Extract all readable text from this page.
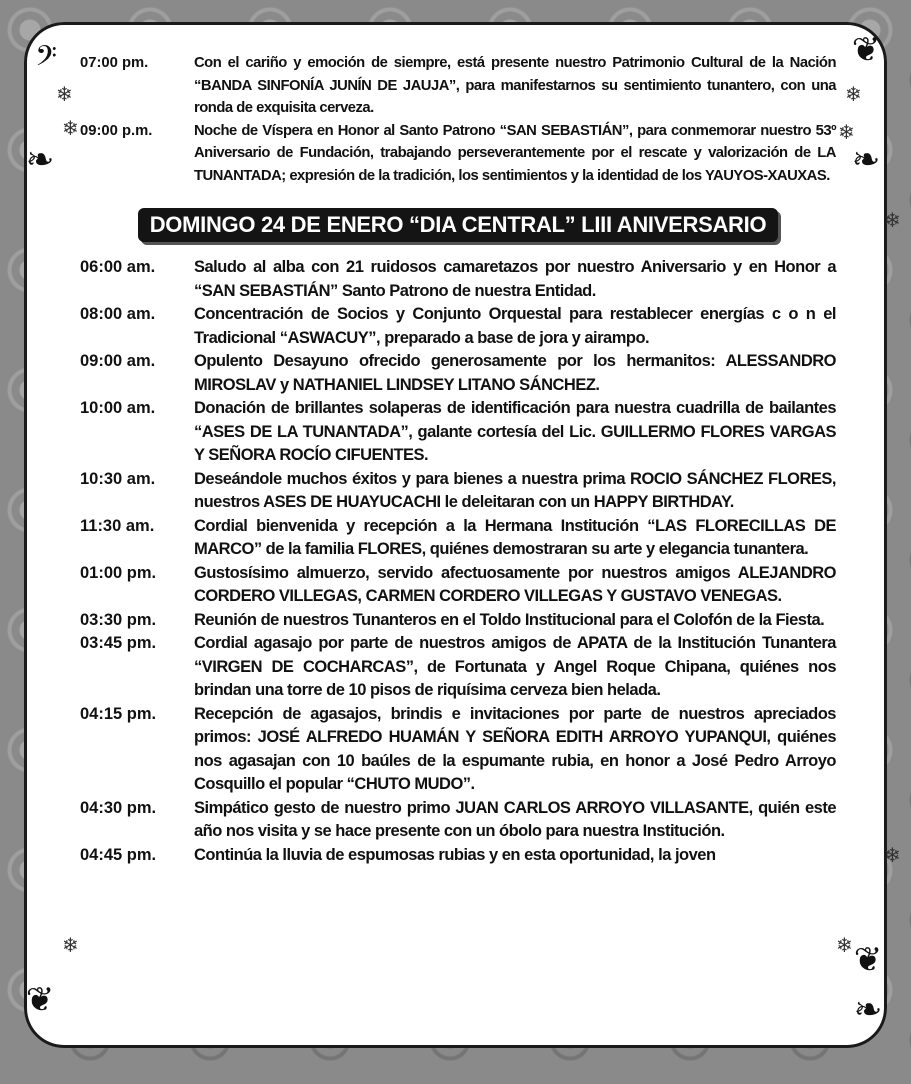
𝄢
❧	❧
❦
❦	❧
❦
❄
❄	❄
❄
❄
❄
❄	❄
07:00 pm.	Con el cariño y emoción de siempre, está presente nuestro Patrimonio Cultural de la Nación “BANDA SINFONÍA JUNÍN DE JAUJA”, para manifestarnos su sentimiento tunantero, con una ronda de exquisita cerveza.
09:00 p.m.	Noche de Víspera en Honor al Santo Patrono “SAN SEBASTIÁN”, para conmemorar nuestro 53º Aniversario de Fundación, trabajando perseverantemente por el rescate y valorización de LA TUNANTADA; expresión de la tradición, los sentimientos y la identidad de los YAUYOS-XAUXAS.
DOMINGO 24 DE ENERO “DIA CENTRAL” LIII ANIVERSARIO
06:00 am.	Saludo al alba con 21 ruidosos camaretazos por nuestro Aniversario y en Honor a “SAN SEBASTIÁN” Santo Patrono de nuestra Entidad.
08:00 am.	Concentración de Socios y Conjunto Orquestal para restablecer energías c o n el Tradicional “ASWACUY”, preparado a base de jora y airampo.
09:00 am.	Opulento Desayuno ofrecido generosamente por los hermanitos: ALESSANDRO MIROSLAV y NATHANIEL LINDSEY LITANO SÁNCHEZ.
10:00 am.	Donación de brillantes solaperas de identificación para nuestra cuadrilla de bailantes “ASES DE LA TUNANTADA”, galante cortesía del Lic. GUILLERMO FLORES VARGAS Y SEÑORA ROCÍO CIFUENTES.
10:30 am.	Deseándole muchos éxitos y para bienes a nuestra prima ROCIO SÁNCHEZ FLORES, nuestros ASES DE HUAYUCACHI le deleitaran con un HAPPY BIRTHDAY.
11:30 am.	Cordial bienvenida y recepción a la Hermana Institución “LAS FLORECILLAS DE MARCO” de la familia FLORES, quiénes demostraran su arte y elegancia tunantera.
01:00 pm.	Gustosísimo almuerzo, servido afectuosamente por nuestros amigos ALEJANDRO CORDERO VILLEGAS, CARMEN CORDERO VILLEGAS Y GUSTAVO VENEGAS.
03:30 pm.	Reunión de nuestros Tunanteros en el Toldo Institucional para el Colofón de la Fiesta.
03:45 pm.	Cordial agasajo por parte de nuestros amigos de APATA de la Institución Tunantera “VIRGEN DE COCHARCAS”, de Fortunata y Angel Roque Chipana, quiénes nos brindan una torre de 10 pisos de riquísima cerveza bien helada.
04:15 pm.	Recepción de agasajos, brindis e invitaciones por parte de nuestros apreciados primos: JOSÉ ALFREDO HUAMÁN Y SEÑORA EDITH ARROYO YUPANQUI, quiénes nos agasajan con 10 baúles de la espumante rubia, en honor a José Pedro Arroyo Cosquillo el popular “CHUTO MUDO”.
04:30 pm.	Simpático gesto de nuestro primo JUAN CARLOS ARROYO VILLASANTE, quién este año nos visita y se hace presente con un óbolo para nuestra Institución.
04:45 pm.	Continúa la lluvia de espumosas rubias y en esta oportunidad, la joven
